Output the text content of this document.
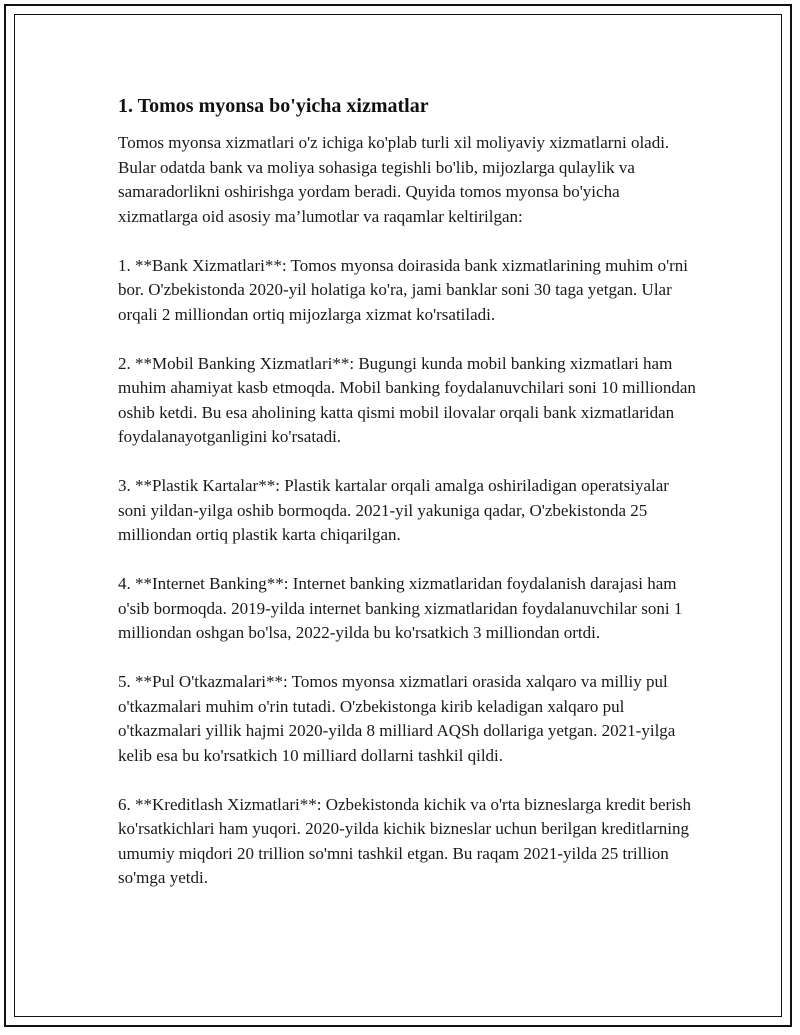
1. Tomos myonsa bo'yicha xizmatlar

Tomos myonsa xizmatlari o'z ichiga ko'plab turli xil moliyaviy xizmatlarni oladi. Bular odatda bank va moliya sohasiga tegishli bo'lib, mijozlarga qulaylik va samaradorlikni oshirishga yordam beradi. Quyida tomos myonsa bo'yicha xizmatlarga oid asosiy ma’lumotlar va raqamlar keltirilgan:

1. **Bank Xizmatlari**: Tomos myonsa doirasida bank xizmatlarining muhim o'rni bor. O'zbekistonda 2020-yil holatiga ko'ra, jami banklar soni 30 taga yetgan. Ular orqali 2 milliondan ortiq mijozlarga xizmat ko'rsatiladi.

2. **Mobil Banking Xizmatlari**: Bugungi kunda mobil banking xizmatlari ham muhim ahamiyat kasb etmoqda. Mobil banking foydalanuvchilari soni 10 milliondan oshib ketdi. Bu esa aholining katta qismi mobil ilovalar orqali bank xizmatlaridan foydalanayotganligini ko'rsatadi.

3. **Plastik Kartalar**: Plastik kartalar orqali amalga oshiriladigan operatsiyalar soni yildan-yilga oshib bormoqda. 2021-yil yakuniga qadar, O'zbekistonda 25 milliondan ortiq plastik karta chiqarilgan.

4. **Internet Banking**: Internet banking xizmatlaridan foydalanish darajasi ham o'sib bormoqda. 2019-yilda internet banking xizmatlaridan foydalanuvchilar soni 1 milliondan oshgan bo'lsa, 2022-yilda bu ko'rsatkich 3 milliondan ortdi.

5. **Pul O'tkazmalari**: Tomos myonsa xizmatlari orasida xalqaro va milliy pul o'tkazmalari muhim o'rin tutadi. O'zbekistonga kirib keladigan xalqaro pul o'tkazmalari yillik hajmi 2020-yilda 8 milliard AQSh dollariga yetgan. 2021-yilga kelib esa bu ko'rsatkich 10 milliard dollarni tashkil qildi.

6. **Kreditlash Xizmatlari**: Ozbekistonda kichik va o'rta bizneslarga kredit berish ko'rsatkichlari ham yuqori. 2020-yilda kichik bizneslar uchun berilgan kreditlarning umumiy miqdori 20 trillion so'mni tashkil etgan. Bu raqam 2021-yilda 25 trillion so'mga yetdi.
